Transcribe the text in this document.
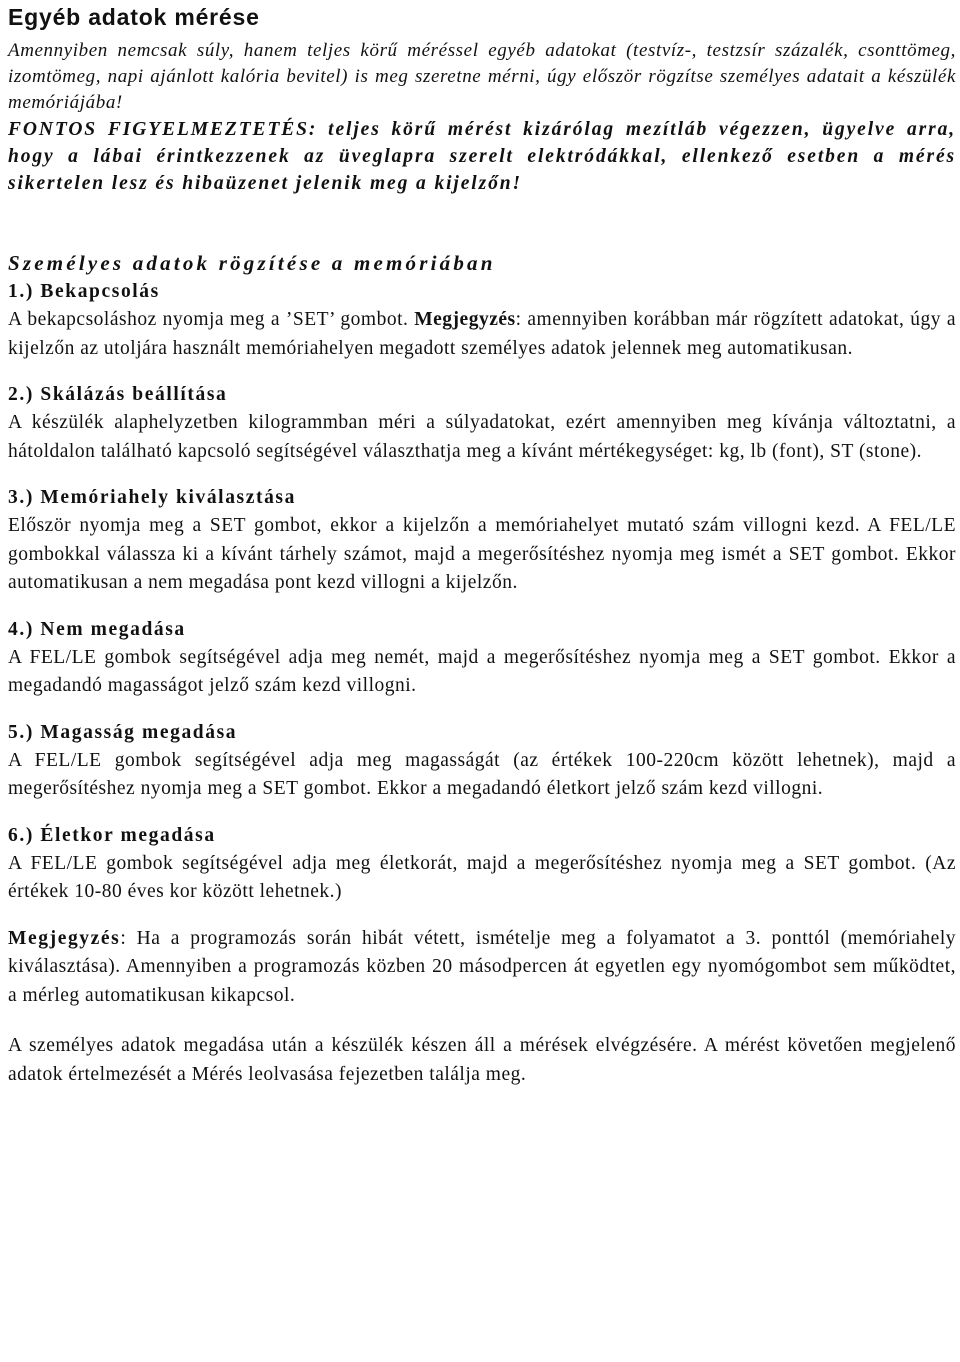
Egyéb adatok mérése

Amennyiben nemcsak súly, hanem teljes körű méréssel egyéb adatokat (testvíz-, testzsír százalék, csonttömeg, izomtömeg, napi ajánlott kalória bevitel) is meg szeretne mérni, úgy először rögzítse személyes adatait a készülék memóriájába!

FONTOS FIGYELMEZTETÉS: teljes körű mérést kizárólag mezítláb végezzen, ügyelve arra, hogy a lábai érintkezzenek az üveglapra szerelt elektródákkal, ellenkező esetben a mérés sikertelen lesz és hibaüzenet jelenik meg a kijelzőn!

Személyes adatok rögzítése a memóriában

1.) Bekapcsolás

A bekapcsoláshoz nyomja meg a ’SET’ gombot. Megjegyzés: amennyiben korábban már rögzített adatokat, úgy a kijelzőn az utoljára használt memóriahelyen megadott személyes adatok jelennek meg automatikusan.

2.) Skálázás beállítása

A készülék alaphelyzetben kilogrammban méri a súlyadatokat, ezért amennyiben meg kívánja változtatni, a hátoldalon található kapcsoló segítségével választhatja meg a kívánt mértékegységet: kg, lb (font), ST (stone).

3.) Memóriahely kiválasztása

Először nyomja meg a SET gombot, ekkor a kijelzőn a memóriahelyet mutató szám villogni kezd. A FEL/LE gombokkal válassza ki a kívánt tárhely számot, majd a megerősítéshez nyomja meg ismét a SET gombot. Ekkor automatikusan a nem megadása pont kezd villogni a kijelzőn.

4.) Nem megadása

A FEL/LE gombok segítségével adja meg nemét, majd a megerősítéshez nyomja meg a SET gombot. Ekkor a megadandó magasságot jelző szám kezd villogni.

5.) Magasság megadása

A FEL/LE gombok segítségével adja meg magasságát (az értékek 100-220cm között lehetnek), majd a megerősítéshez nyomja meg a SET gombot. Ekkor a megadandó életkort jelző szám kezd villogni.

6.) Életkor megadása

A FEL/LE gombok segítségével adja meg életkorát, majd a megerősítéshez nyomja meg a SET gombot. (Az értékek 10-80 éves kor között lehetnek.)

Megjegyzés: Ha a programozás során hibát vétett, ismételje meg a folyamatot a 3. ponttól (memóriahely kiválasztása). Amennyiben a programozás közben 20 másodpercen át egyetlen egy nyomógombot sem működtet, a mérleg automatikusan kikapcsol.

A személyes adatok megadása után a készülék készen áll a mérések elvégzésére. A mérést követően megjelenő adatok értelmezését a Mérés leolvasása fejezetben találja meg.
